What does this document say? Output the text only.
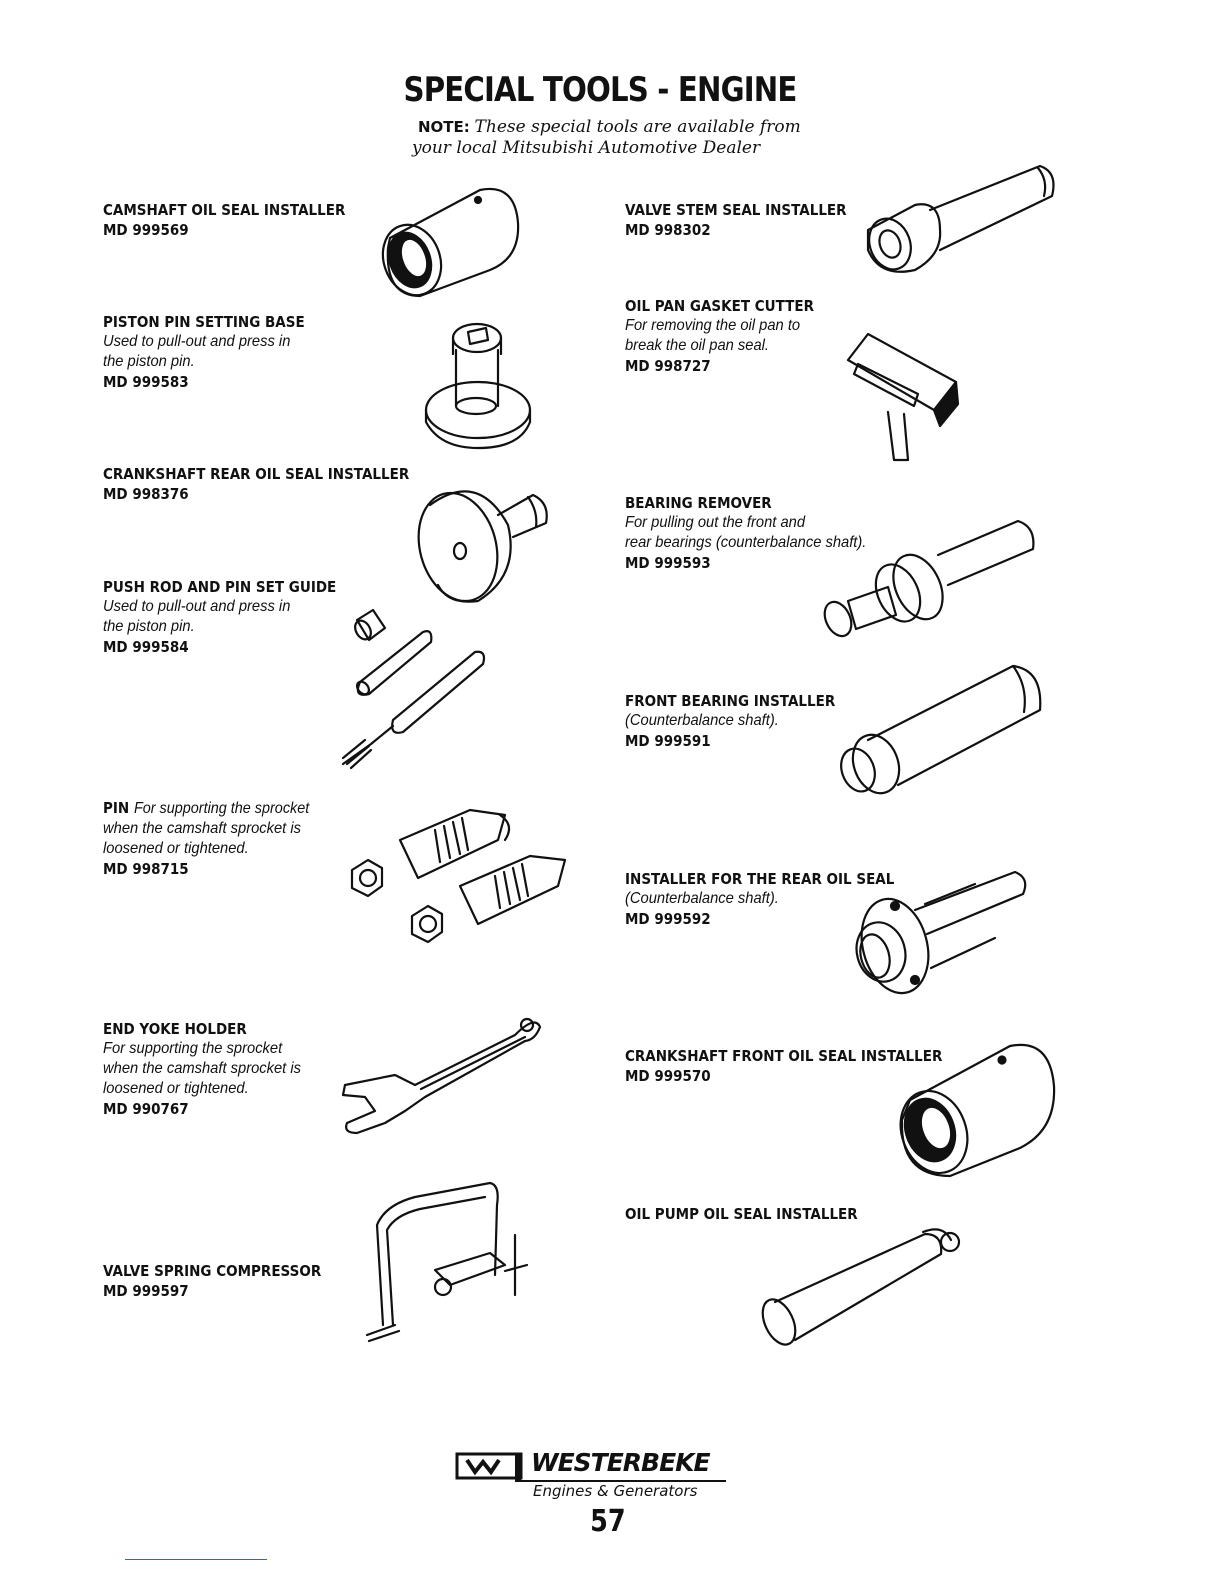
SPECIAL TOOLS - ENGINE
NOTE: These special tools are available from
your local Mitsubishi Automotive Dealer
CAMSHAFT OIL SEAL INSTALLER
MD 999569
PISTON PIN SETTING BASE
Used to pull-out and press in
the piston pin.
MD 999583
CRANKSHAFT REAR OIL SEAL INSTALLER
MD 998376
PUSH ROD AND PIN SET GUIDE
Used to pull-out and press in
the piston pin.
MD 999584
PIN For supporting the sprocket
when the camshaft sprocket is
loosened or tightened.
MD 998715
END YOKE HOLDER
For supporting the sprocket
when the camshaft sprocket is
loosened or tightened.
MD 990767
VALVE SPRING COMPRESSOR
MD 999597
VALVE STEM SEAL INSTALLER
MD 998302
OIL PAN GASKET CUTTER
For removing the oil pan to
break the oil pan seal.
MD 998727
BEARING REMOVER
For pulling out the front and
rear bearings (counterbalance shaft).
MD 999593
FRONT BEARING INSTALLER
(Counterbalance shaft).
MD 999591
INSTALLER FOR THE REAR OIL SEAL
(Counterbalance shaft).
MD 999592
CRANKSHAFT FRONT OIL SEAL INSTALLER
MD 999570
OIL PUMP OIL SEAL INSTALLER
WESTERBEKE
Engines & Generators
57
